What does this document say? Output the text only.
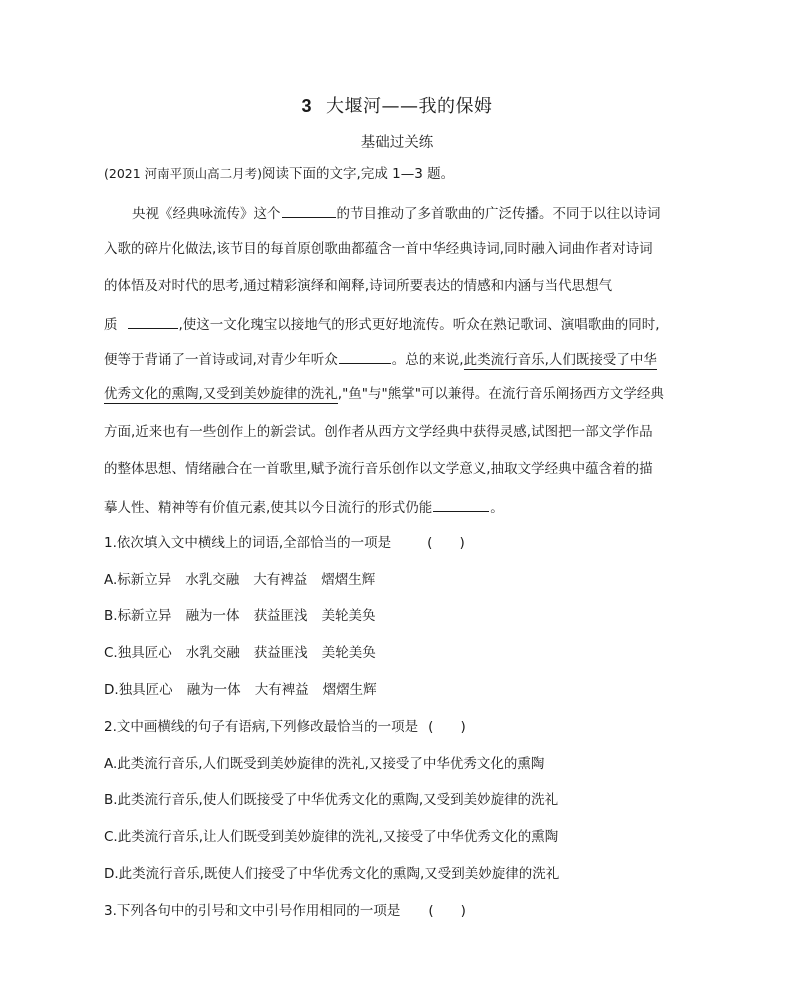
3 大堰河——我的保姆
基础过关练
(2021 河南平顶山高二月考)阅读下面的文字,完成 1—3 题。
央视《经典咏流传》这个	的节目推动了多首歌曲的广泛传播。不同于以往以诗词
入歌的碎片化做法,该节目的每首原创歌曲都蕴含一首中华经典诗词,同时融入词曲作者对诗词
的体悟及对时代的思考,通过精彩演绎和阐释,诗词所要表达的情感和内涵与当代思想气
质	,使这一文化瑰宝以接地气的形式更好地流传。听众在熟记歌词、演唱歌曲的同时,
便等于背诵了一首诗或词,对青少年听众	。总的来说,此类流行音乐,人们既接受了中华
优秀文化的熏陶,又受到美妙旋律的洗礼,"鱼"与"熊掌"可以兼得。在流行音乐阐扬西方文学经典
方面,近来也有一些创作上的新尝试。创作者从西方文学经典中获得灵感,试图把一部文学作品
的整体思想、情绪融合在一首歌里,赋予流行音乐创作以文学意义,抽取文学经典中蕴含着的描
摹人性、精神等有价值元素,使其以今日流行的形式仍能	。
1.依次填入文中横线上的词语,全部恰当的一项是	(　　)
A.标新立异 水乳交融 大有裨益 熠熠生辉
B.标新立异 融为一体 获益匪浅 美轮美奂
C.独具匠心 水乳交融 获益匪浅 美轮美奂
D.独具匠心 融为一体 大有裨益 熠熠生辉
2.文中画横线的句子有语病,下列修改最恰当的一项是 (　　)
A.此类流行音乐,人们既受到美妙旋律的洗礼,又接受了中华优秀文化的熏陶
B.此类流行音乐,使人们既接受了中华优秀文化的熏陶,又受到美妙旋律的洗礼
C.此类流行音乐,让人们既受到美妙旋律的洗礼,又接受了中华优秀文化的熏陶
D.此类流行音乐,既使人们接受了中华优秀文化的熏陶,又受到美妙旋律的洗礼
3.下列各句中的引号和文中引号作用相同的一项是 (　　)
